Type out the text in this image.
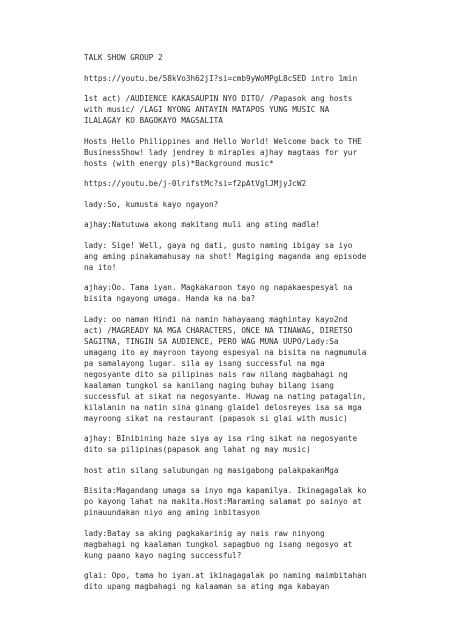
TALK SHOW GROUP 2
https://youtu.be/58kVo3h62jI?si=cmb9yWoMPgL8cSED intro 1min
1st act) /AUDIENCE KAKASAUPIN NYO DITO/ /Papasok ang hosts
with music/ /LAGI NYONG ANTAYIN MATAPOS YUNG MUSIC NA
ILALAGAY KO BAGOKAYO MAGSALITA
Hosts Hello Philippines and Hello World! Welcome back to THE
BusinessShow! lady jendrey b miraples ajhay magtaas for yur
hosts (with energy pls)*Background music*
https://youtu.be/j-0lrifstMc?si=f2pAtVglJMjyJcW2
lady:So, kumusta kayo ngayon?
ajhay:Natutuwa akong makitang muli ang ating madla!
lady: Sige! Well, gaya ng dati, gusto naming ibigay sa iyo
ang aming pinakamahusay na shot! Magiging maganda ang episode
na ito!
ajhay:Oo. Tama iyan. Magkakaroon tayo ng napakaespesyal na
bisita ngayong umaga. Handa ka na ba?
Lady: oo naman Hindi na namin hahayaang maghintay kayo2nd
act) /MAGREADY NA MGA CHARACTERS, ONCE NA TINAWAG, DIRETSO
SAGITNA, TINGIN SA AUDIENCE, PERO WAG MUNA UUPO/Lady:Sa
umagang ito ay mayroon tayong espesyal na bisita na nagmumula
pa samalayong lugar. sila ay isang successful na mga
negosyante dito sa pilipinas nais raw nilang magbahagi ng
kaalaman tungkol sa kanilang naging buhay bilang isang
successful at sikat na negosyante. Huwag na nating patagalin,
kilalanin na natin sina ginang glaidel delosreyes isa sa mga
mayroong sikat na restaurant (papasok si glai with music)
ajhay: BInibining haze siya ay isa ring sikat na negosyante
dito sa pilipinas(papasok ang lahat ng may music)
host atin silang salubungan ng masigabong palakpakanMga
Bisita:Magandang umaga sa inyo mga kapamilya. Ikinagagalak ko
po kayong lahat na makita.Host:Maraming salamat po sainyo at
pinauundakan niyo ang aming inbitasyon
lady:Batay sa aking pagkakarinig ay nais raw ninyong
magbahagi ng kaalaman tungkol sapagbuo ng isang negosyo at
kung paano kayo naging successful?
glai: Opo, tama ho iyan.at ikinagagalak po naming maimbitahan
dito upang magbahagi ng kalaaman sa ating mga kabayan
